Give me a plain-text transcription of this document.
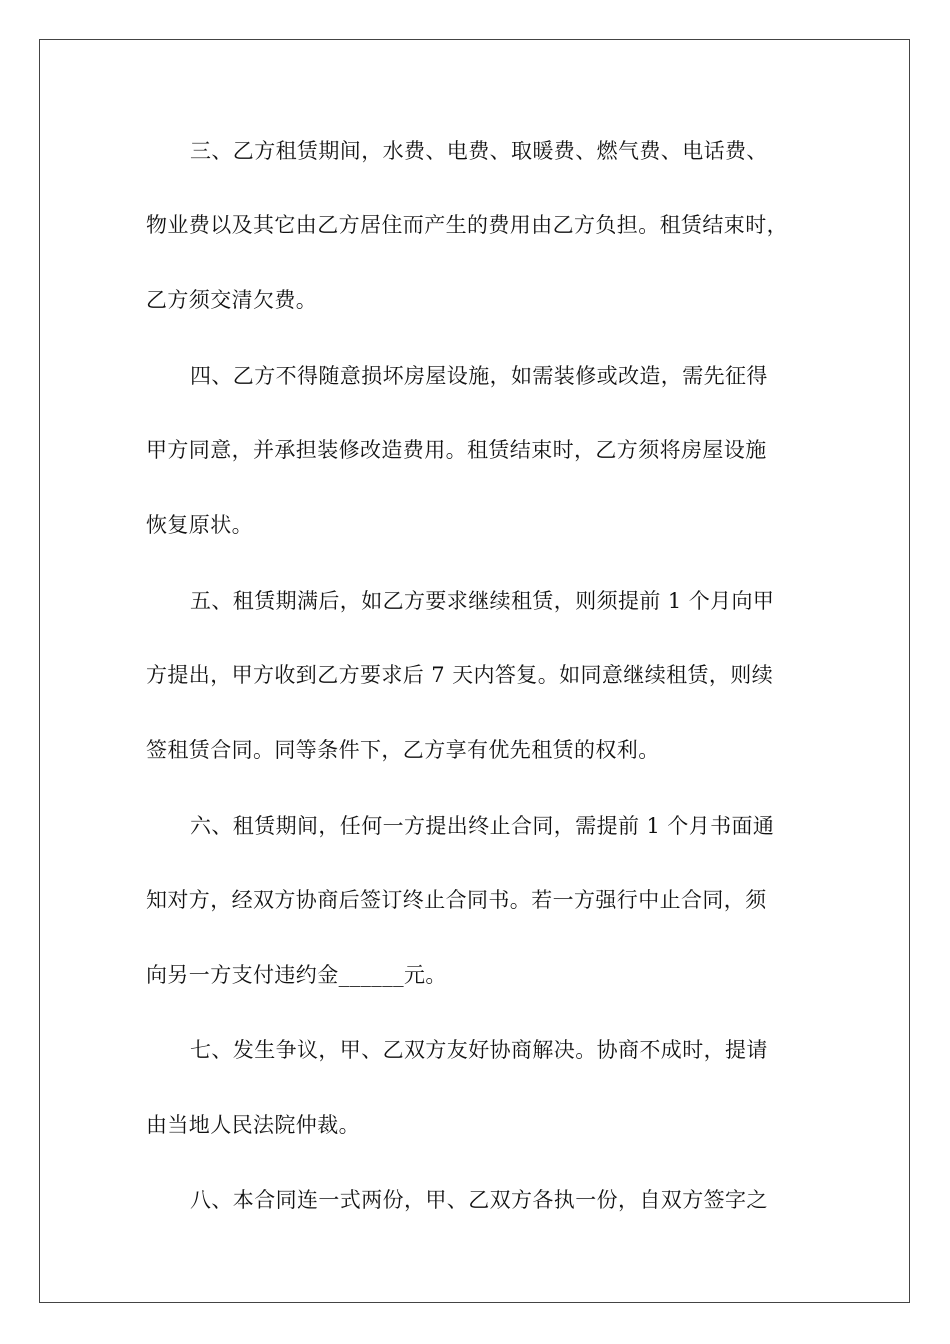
三、乙方租赁期间，水费、电费、取暖费、燃气费、电话费、
物业费以及其它由乙方居住而产生的费用由乙方负担。租赁结束时，
乙方须交清欠费。
四、乙方不得随意损坏房屋设施，如需装修或改造，需先征得
甲方同意，并承担装修改造费用。租赁结束时，乙方须将房屋设施
恢复原状。
五、租赁期满后，如乙方要求继续租赁，则须提前 1 个月向甲
方提出，甲方收到乙方要求后 7 天内答复。如同意继续租赁，则续
签租赁合同。同等条件下，乙方享有优先租赁的权利。
六、租赁期间，任何一方提出终止合同，需提前 1 个月书面通
知对方，经双方协商后签订终止合同书。若一方强行中止合同，须
向另一方支付违约金______元。
七、发生争议，甲、乙双方友好协商解决。协商不成时，提请
由当地人民法院仲裁。
八、本合同连一式两份，甲、乙双方各执一份，自双方签字之
